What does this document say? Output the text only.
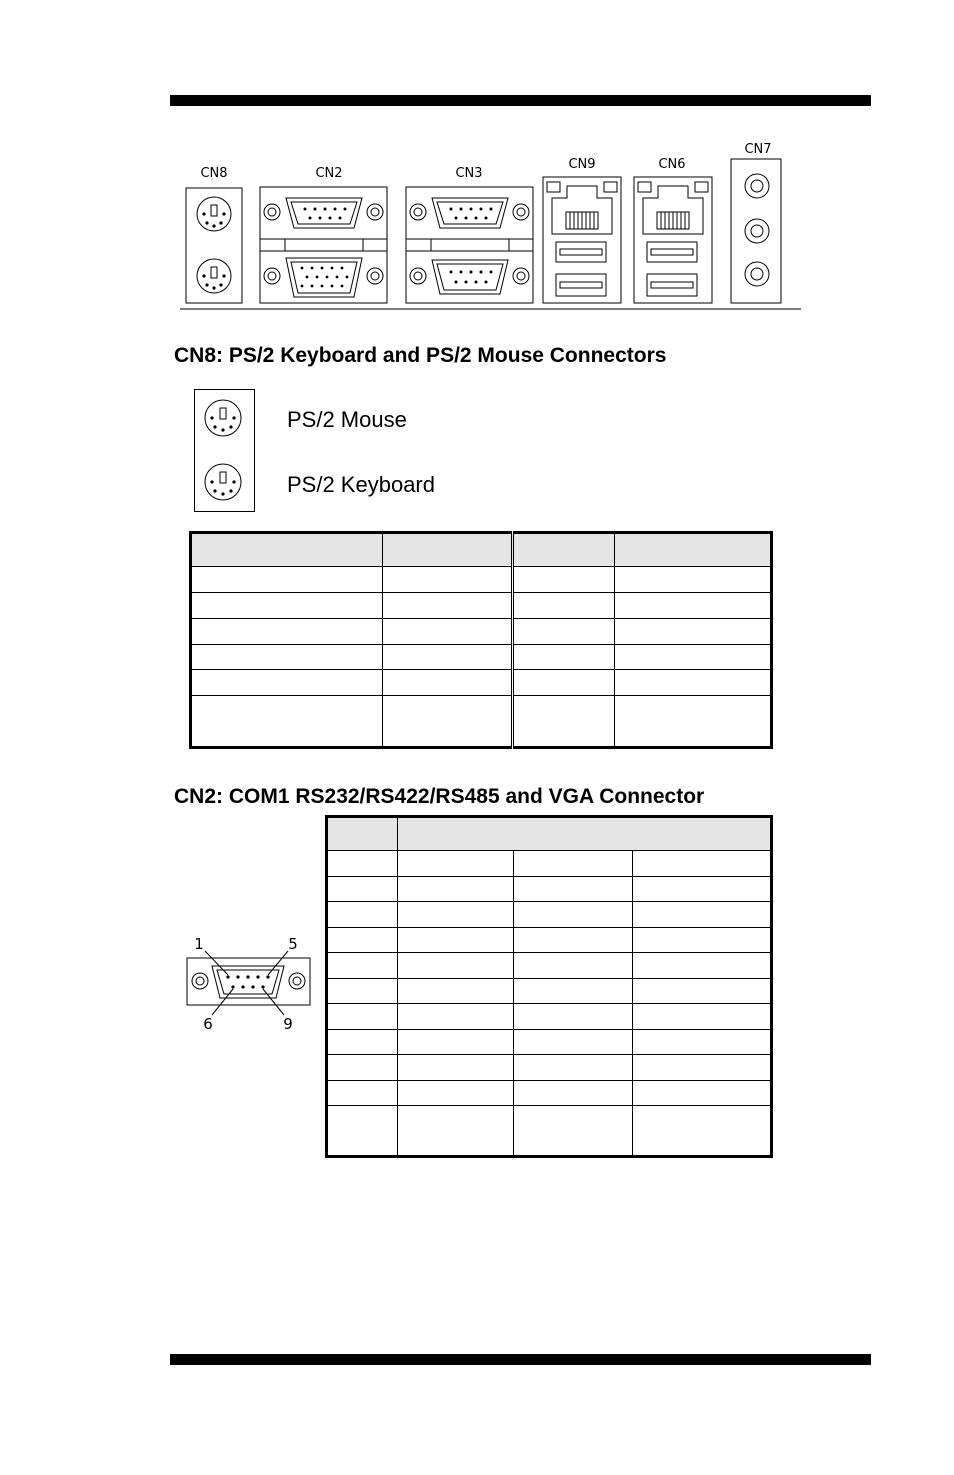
CN8	CN2	CN3
CN9	CN6
CN7
CN8: PS/2 Keyboard and PS/2 Mouse Connectors
PS/2 Mouse
PS/2 Keyboard

CN2: COM1 RS232/RS422/RS485 and VGA Connector
1	5
6	9
